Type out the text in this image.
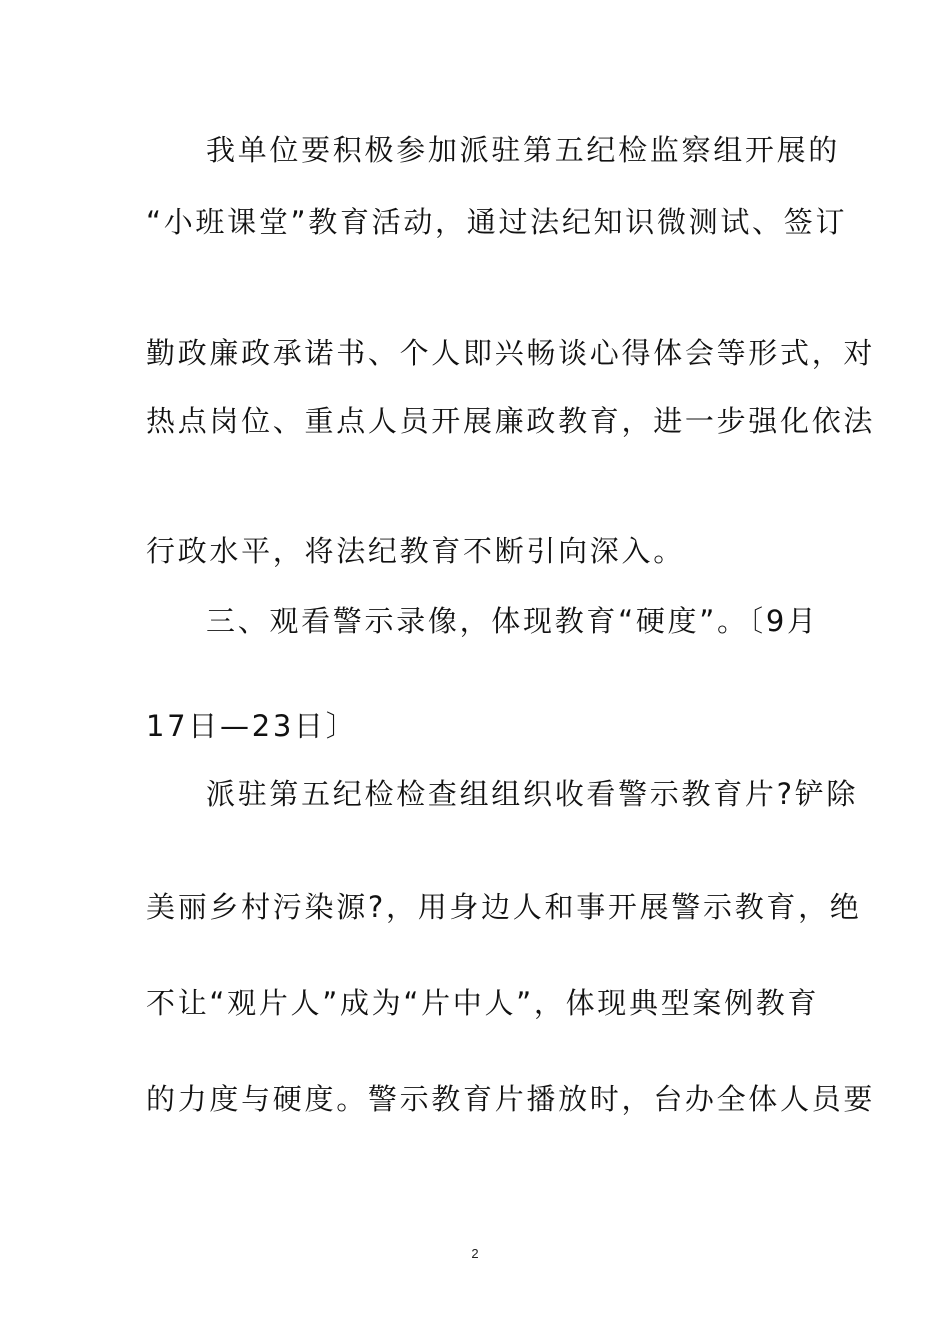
我单位要积极参加派驻第五纪检监察组开展的
“小班课堂”教育活动，通过法纪知识微测试、签订
勤政廉政承诺书、个人即兴畅谈心得体会等形式，对
热点岗位、重点人员开展廉政教育，进一步强化依法
行政水平，将法纪教育不断引向深入。
三、观看警示录像，体现教育“硬度”。〔9月
17日—23日〕
派驻第五纪检检查组组织收看警示教育片?铲除
美丽乡村污染源?，用身边人和事开展警示教育，绝
不让“观片人”成为“片中人”，体现典型案例教育
的力度与硬度。警示教育片播放时，台办全体人员要
2
